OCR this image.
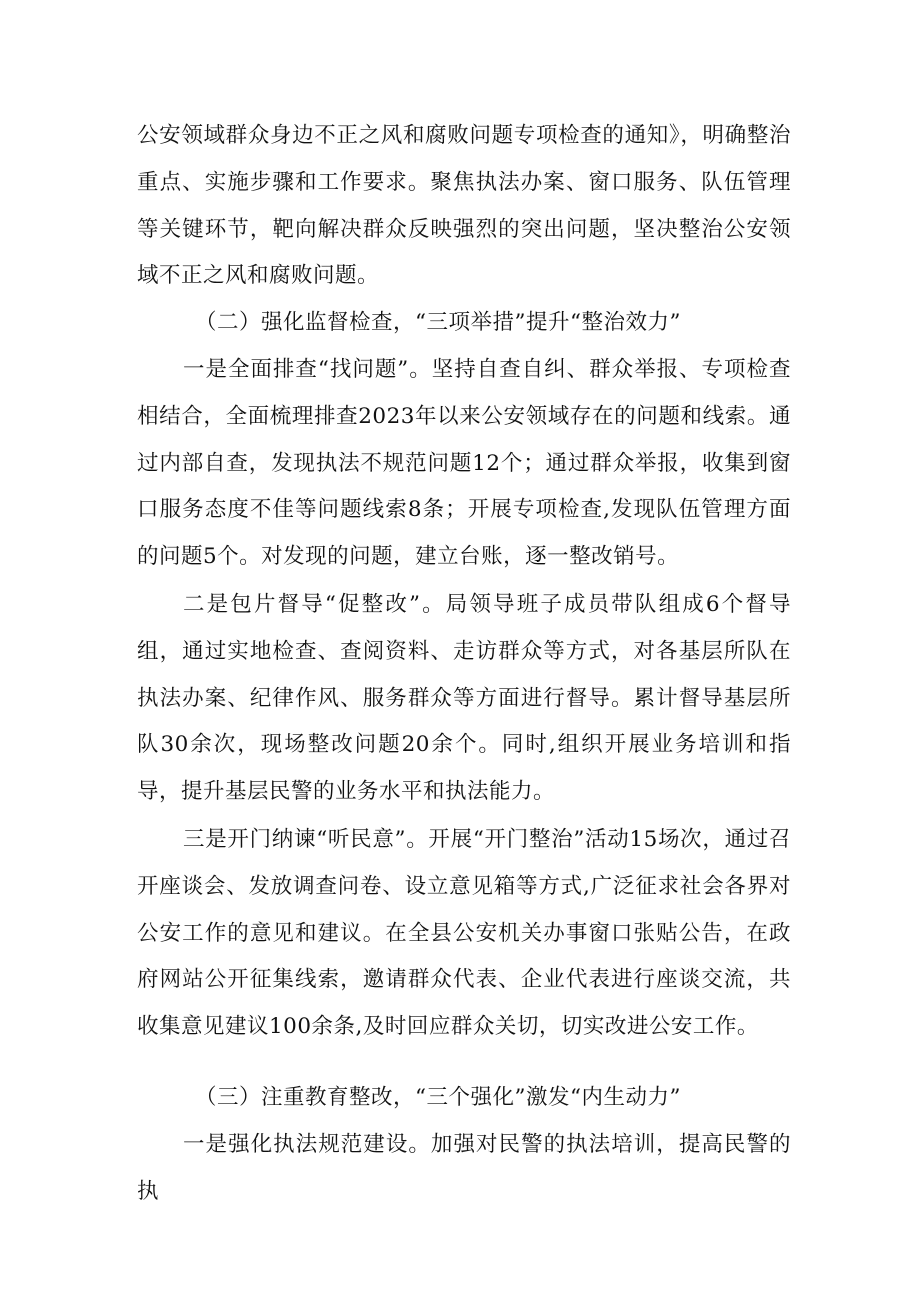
公安领域群众身边不正之风和腐败问题专项检查的通知》，明确整治重点、实施步骤和工作要求。聚焦执法办案、窗口服务、队伍管理等关键环节，靶向解决群众反映强烈的突出问题，坚决整治公安领域不正之风和腐败问题。

（二）强化监督检查，“三项举措”提升“整治效力”

一是全面排查“找问题”。坚持自查自纠、群众举报、专项检查相结合，全面梳理排查2023年以来公安领域存在的问题和线索。通过内部自查，发现执法不规范问题12个；通过群众举报，收集到窗口服务态度不佳等问题线索8条；开展专项检查,发现队伍管理方面的问题5个。对发现的问题，建立台账，逐一整改销号。

二是包片督导“促整改”。局领导班子成员带队组成6个督导组，通过实地检查、查阅资料、走访群众等方式，对各基层所队在执法办案、纪律作风、服务群众等方面进行督导。累计督导基层所队30余次，现场整改问题20余个。同时,组织开展业务培训和指导，提升基层民警的业务水平和执法能力。

三是开门纳谏“听民意”。开展“开门整治”活动15场次，通过召开座谈会、发放调查问卷、设立意见箱等方式,广泛征求社会各界对公安工作的意见和建议。在全县公安机关办事窗口张贴公告，在政府网站公开征集线索，邀请群众代表、企业代表进行座谈交流，共收集意见建议100余条,及时回应群众关切，切实改进公安工作。

（三）注重教育整改，“三个强化”激发“内生动力”

一是强化执法规范建设。加强对民警的执法培训，提高民警的执
